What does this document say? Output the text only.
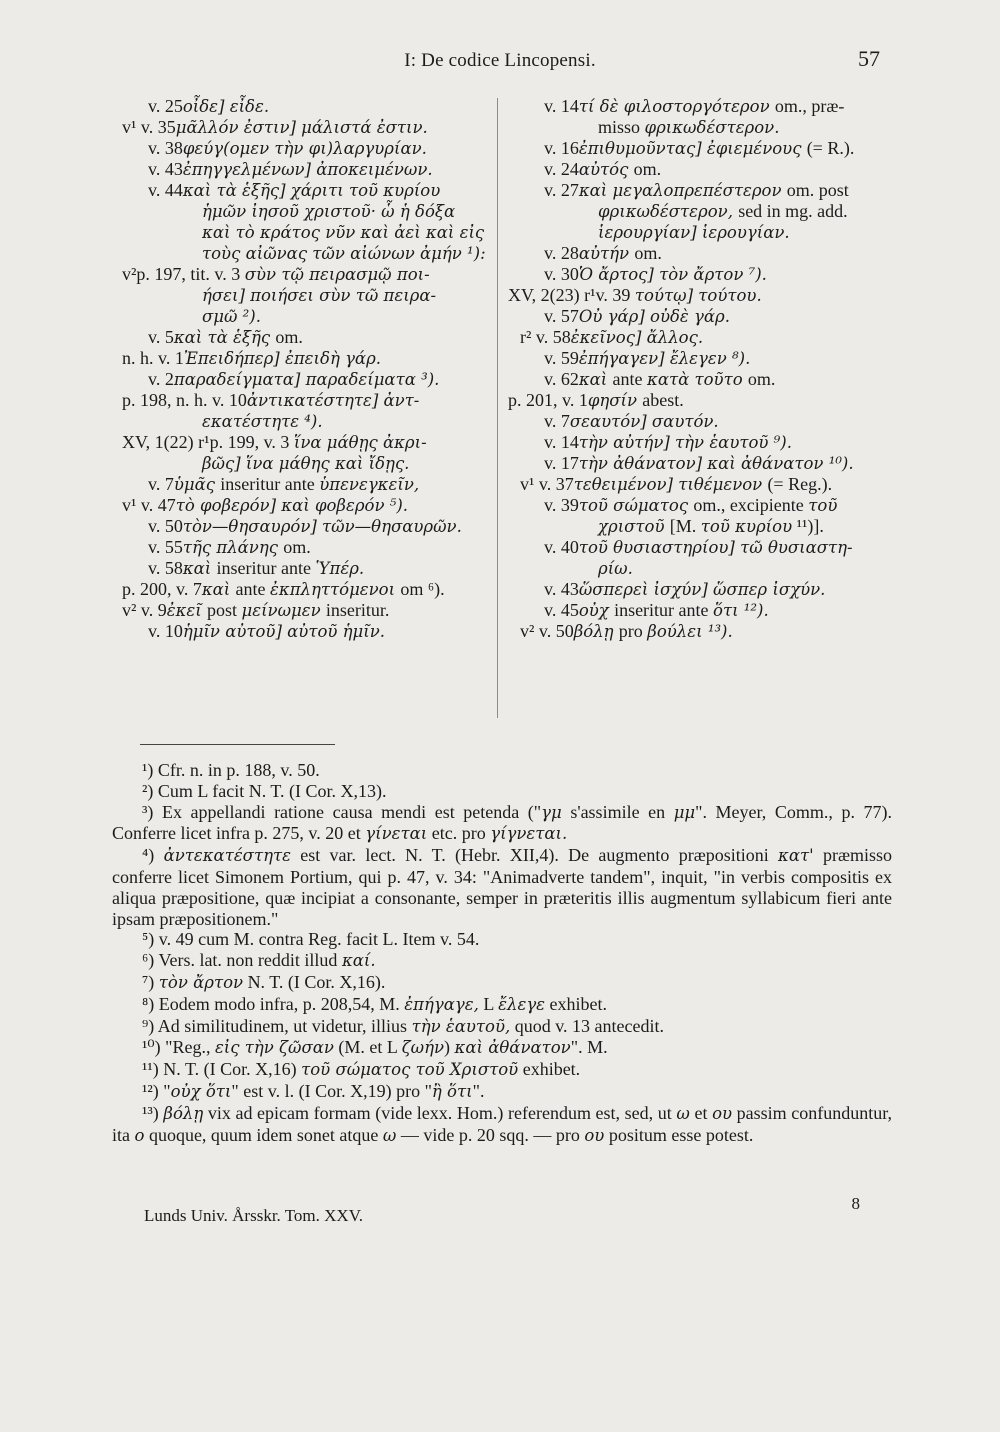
I: De codice Lincopensi.	57
v. 25οἶδε] εἶδε.
v¹ v. 35μᾶλλόν ἐστιν] μάλιστά ἐστιν.
v. 38φεύγ(ομεν τὴν φι)λαργυρίαν.
v. 43ἐπηγγελμένων] ἀποκειμένων.
v. 44καὶ τὰ ἑξῆς] χάριτι τοῦ κυρίου
ἡμῶν ἰησοῦ χριστοῦ· ὧ ἡ δόξα
καὶ τὸ κράτος νῦν καὶ ἀεὶ καὶ εἰς
τοὺς αἰῶνας τῶν αἰώνων ἀμήν ¹):
v²p. 197, tit. v. 3 σὺν τῷ πειρασμῷ ποι-
ήσει] ποιήσει σὺν τῶ πειρα-
σμῶ ²).
v. 5καὶ τὰ ἑξῆς om.
n. h. v. 1Ἐπειδήπερ] ἐπειδὴ γάρ.
v. 2παραδείγματα] παραδείματα ³).
p. 198, n. h. v. 10ἀντικατέστητε] ἀντ-
εκατέστητε ⁴).
XV, 1(22) r¹p. 199, v. 3 ἵνα μάθῃς ἀκρι-
βῶς] ἵνα μάθης καὶ ἴδῃς.
v. 7ὑμᾶς inseritur ante ὑπενεγκεῖν,
v¹ v. 47τὸ φοβερόν] καὶ φοβερόν ⁵).
v. 50τὸν—θησαυρόν] τῶν—θησαυρῶν.
v. 55τῆς πλάνης om.
v. 58καὶ inseritur ante Ὑπέρ.
p. 200, v. 7καὶ ante ἐκπληττόμενοι om ⁶).
v² v. 9ἐκεῖ post μείνωμεν inseritur.
v. 10ἡμῖν αὐτοῦ] αὐτοῦ ἡμῖν.
v. 14τί δὲ φιλοστοργότερον om., præ-
misso φρικωδέστερον.
v. 16ἐπιθυμοῦντας] ἐφιεμένους (= R.).
v. 24αὐτός om.
v. 27καὶ μεγαλοπρεπέστερον om. post
φρικωδέστερον, sed in mg. add.
ἱερουργίαν] ἱερουγίαν.
v. 28αὐτήν om.
v. 30Ὁ ἄρτος] τὸν ἄρτον ⁷).
XV, 2(23) r¹v. 39 τούτῳ] τούτου.
v. 57Οὐ γάρ] οὐδὲ γάρ.
r² v. 58ἐκεῖνος] ἄλλος.
v. 59ἐπήγαγεν] ἔλεγεν ⁸).
v. 62καὶ ante κατὰ τοῦτο om.
p. 201, v. 1φησίν abest.
v. 7σεαυτόν] σαυτόν.
v. 14τὴν αὐτήν] τὴν ἑαυτοῦ ⁹).
v. 17τὴν ἀθάνατον] καὶ ἀθάνατον ¹⁰).
v¹ v. 37τεθειμένον] τιθέμενον (= Reg.).
v. 39τοῦ σώματος om., excipiente τοῦ
χριστοῦ [M. τοῦ κυρίου ¹¹)].
v. 40τοῦ θυσιαστηρίου] τῶ θυσιαστη-
ρίω.
v. 43ὥσπερεὶ ἰσχύν] ὥσπερ ἰσχύν.
v. 45οὐχ inseritur ante ὅτι ¹²).
v² v. 50βόλῃ pro βούλει ¹³).

¹) Cfr. n. in p. 188, v. 50.

²) Cum L facit N. T. (I Cor. X,13).

³) Ex appellandi ratione causa mendi est petenda ("γμ s'assimile en μμ". Meyer, Comm., p. 77). Conferre licet infra p. 275, v. 20 et γίνεται etc. pro γίγνεται.

⁴) ἀντεκατέστητε est var. lect. N. T. (Hebr. XII,4). De augmento præpositioni κατ' præmisso conferre licet Simonem Portium, qui p. 47, v. 34: "Animadverte tandem", inquit, "in verbis compositis ex aliqua præpositione, quæ incipiat a consonante, semper in præteritis illis augmentum syllabicum fieri ante ipsam præpositionem."

⁵) v. 49 cum M. contra Reg. facit L. Item v. 54.

⁶) Vers. lat. non reddit illud καί.

⁷) τὸν ἄρτον N. T. (I Cor. X,16).

⁸) Eodem modo infra, p. 208,54, M. ἐπήγαγε, L ἔλεγε exhibet.

⁹) Ad similitudinem, ut videtur, illius τὴν ἑαυτοῦ, quod v. 13 antecedit.

¹⁰) "Reg., εἰς τὴν ζῶσαν (M. et L ζωήν) καὶ ἀθάνατον". M.

¹¹) N. T. (I Cor. X,16) τοῦ σώματος τοῦ Χριστοῦ exhibet.

¹²) "οὐχ ὅτι" est v. l. (I Cor. X,19) pro "ἢ ὅτι".

¹³) βόλῃ vix ad epicam formam (vide lexx. Hom.) referendum est, sed, ut ω et ου passim confunduntur, ita ο quoque, quum idem sonet atque ω — vide p. 20 sqq. — pro ου positum esse potest.

Lunds Univ. Årsskr. Tom. XXV.
8
